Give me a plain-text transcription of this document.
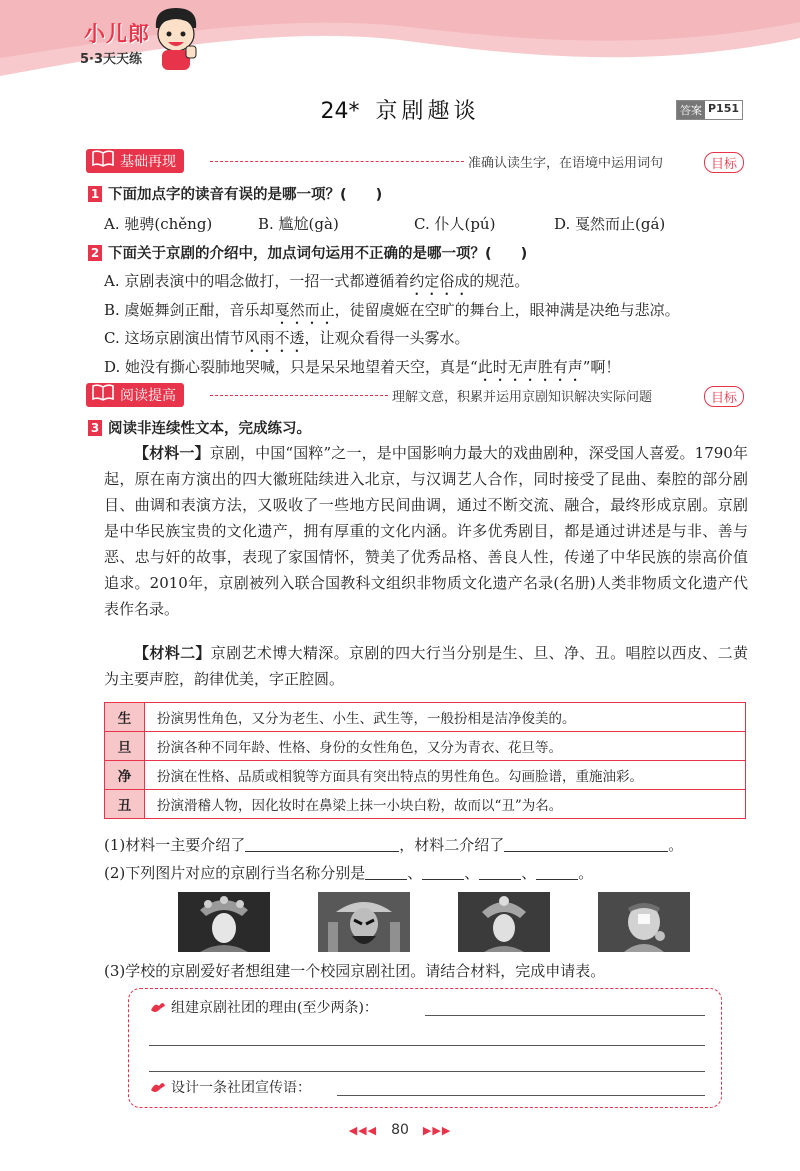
小儿郎
5·3天天练
24* 京剧趣谈	答案 P151
基础再现	准确认读生字，在语境中运用词句	目标
1 下面加点字的读音有误的是哪一项？(　　)
A. 驰骋(chěng)	B. 尴尬(gà)	C. 仆人(pú)	D. 戛然而止(gá)
2 下面关于京剧的介绍中，加点词句运用不正确的是哪一项？(　　)
A. 京剧表演中的唱念做打，一招一式都遵循着约定俗成的规范。
B. 虞姬舞剑正酣，音乐却戛然而止，徒留虞姬在空旷的舞台上，眼神满是决绝与悲凉。
C. 这场京剧演出情节风雨不透，让观众看得一头雾水。
D. 她没有撕心裂肺地哭喊，只是呆呆地望着天空，真是“此时无声胜有声”啊！
阅读提高	理解文意，积累并运用京剧知识解决实际问题	目标
3 阅读非连续性文本，完成练习。
【材料一】京剧，中国“国粹”之一，是中国影响力最大的戏曲剧种，深受国人喜爱。1790年起，原在南方演出的四大徽班陆续进入北京，与汉调艺人合作，同时接受了昆曲、秦腔的部分剧目、曲调和表演方法，又吸收了一些地方民间曲调，通过不断交流、融合，最终形成京剧。京剧是中华民族宝贵的文化遗产，拥有厚重的文化内涵。许多优秀剧目，都是通过讲述是与非、善与恶、忠与奸的故事，表现了家国情怀，赞美了优秀品格、善良人性，传递了中华民族的崇高价值追求。2010年，京剧被列入联合国教科文组织非物质文化遗产名录(名册)人类非物质文化遗产代表作名录。
【材料二】京剧艺术博大精深。京剧的四大行当分别是生、旦、净、丑。唱腔以西皮、二黄为主要声腔，韵律优美，字正腔圆。
生	扮演男性角色，又分为老生、小生、武生等，一般扮相是洁净俊美的。
旦	扮演各种不同年龄、性格、身份的女性角色，又分为青衣、花旦等。
净	扮演在性格、品质或相貌等方面具有突出特点的男性角色。勾画脸谱，重施油彩。
丑	扮演滑稽人物，因化妆时在鼻梁上抹一小块白粉，故而以“丑”为名。
(1)材料一主要介绍了	，材料二介绍了	。
(2)下列图片对应的京剧行当名称分别是	、	、	、	。
(3)学校的京剧爱好者想组建一个校园京剧社团。请结合材料，完成申请表。
组建京剧社团的理由(至少两条)：
设计一条社团宣传语：
◀◀◀ 80 ▶▶▶
